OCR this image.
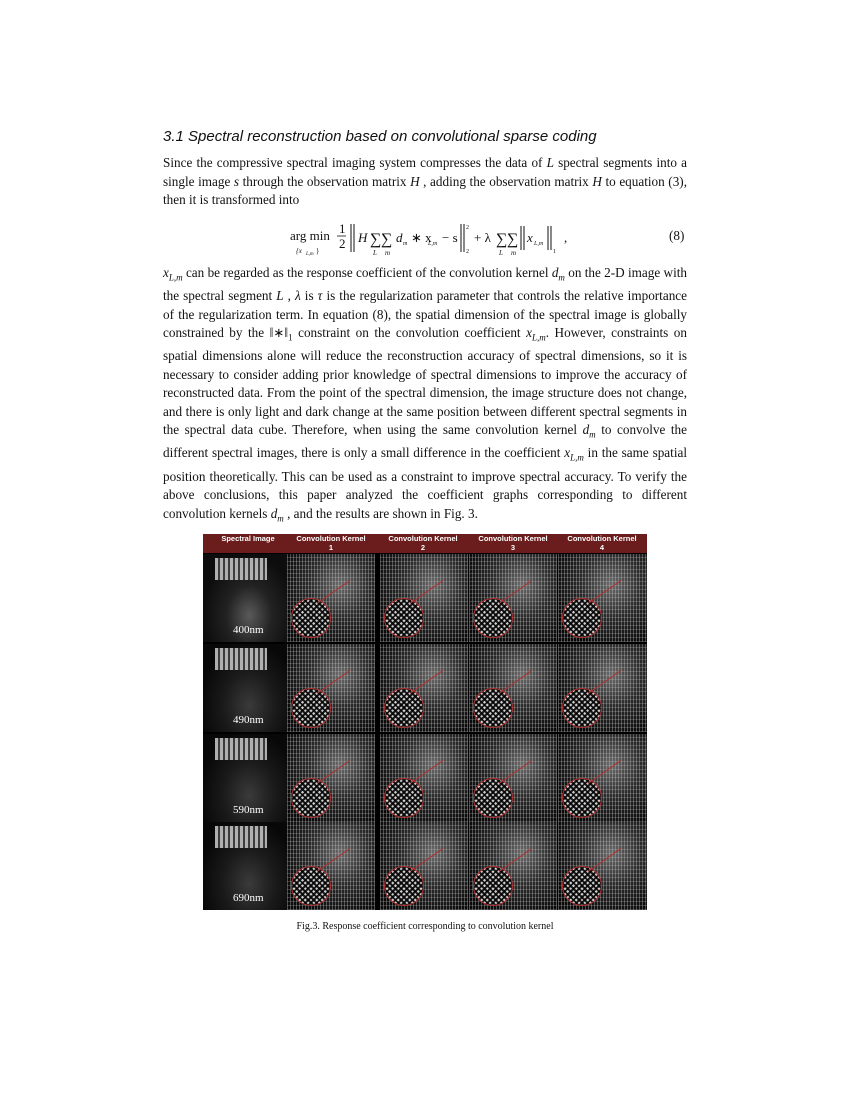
3.1 Spectral reconstruction based on convolutional sparse coding

Since the compressive spectral imaging system compresses the data of L spectral segments into a single image s through the observation matrix H , adding the observation matrix H to equation (3), then it is transformed into

arg min
{x L,m }
1
2 H ∑ ∑
L m
d m ∗ x
L,m − s
2
2
+ λ ∑ ∑
L m
x L,m
1
,	(8)

$x_{L,m}$ can be regarded as the response coefficient of the convolution kernel $d_m$ on the 2-D image with the spectral segment L , λ is τ is the regularization parameter that controls the relative importance of the regularization term. In equation (8), the spatial dimension of the spectral image is globally constrained by the $‖∗‖_1$ constraint on the convolution coefficient $x_{L,m}$. However, constraints on spatial dimensions alone will reduce the reconstruction accuracy of spectral dimensions, so it is necessary to consider adding prior knowledge of spectral dimensions to improve the accuracy of reconstructed data. From the point of the spectral dimension, the image structure does not change, and there is only light and dark change at the same position between different spectral segments in the spectral data cube. Therefore, when using the same convolution kernel $d_m$ to convolve the different spectral images, there is only a small difference in the coefficient $x_{L,m}$ in the same spatial position theoretically. This can be used as a constraint to improve spectral accuracy. To verify the above conclusions, this paper analyzed the coefficient graphs corresponding to different convolution kernels $d_m$ , and the results are shown in Fig. 3.

Spectral Image	Convolution Kernel 1
Convolution Kernel 2
Convolution Kernel 3
Convolution Kernel 4
400nm
490nm
590nm
690nm
Fig.3. Response coefficient corresponding to convolution kernel
